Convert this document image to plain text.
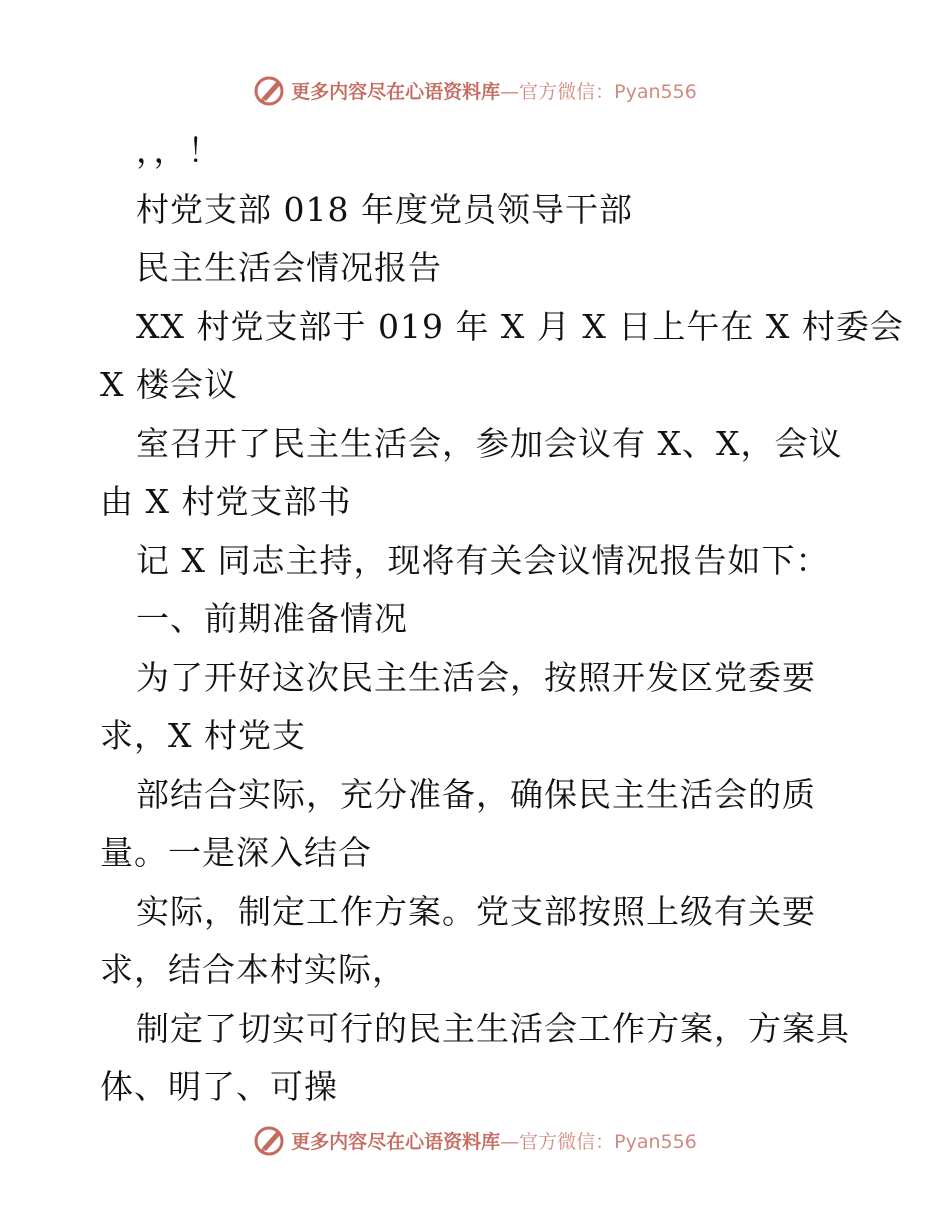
更多内容尽在心语资料库 —官方微信：Pyan556
，，！
村党支部 018 年度党员领导干部
民主生活会情况报告
XX 村党支部于 019 年 X 月 X 日上午在 X 村委会
X 楼会议
室召开了民主生活会，参加会议有 X、X，会议
由 X 村党支部书
记 X 同志主持，现将有关会议情况报告如下：
一、前期准备情况
为了开好这次民主生活会，按照开发区党委要
求，X 村党支
部结合实际，充分准备，确保民主生活会的质
量。一是深入结合
实际，制定工作方案。党支部按照上级有关要
求，结合本村实际，
制定了切实可行的民主生活会工作方案，方案具
体、明了、可操
更多内容尽在心语资料库 —官方微信：Pyan556
